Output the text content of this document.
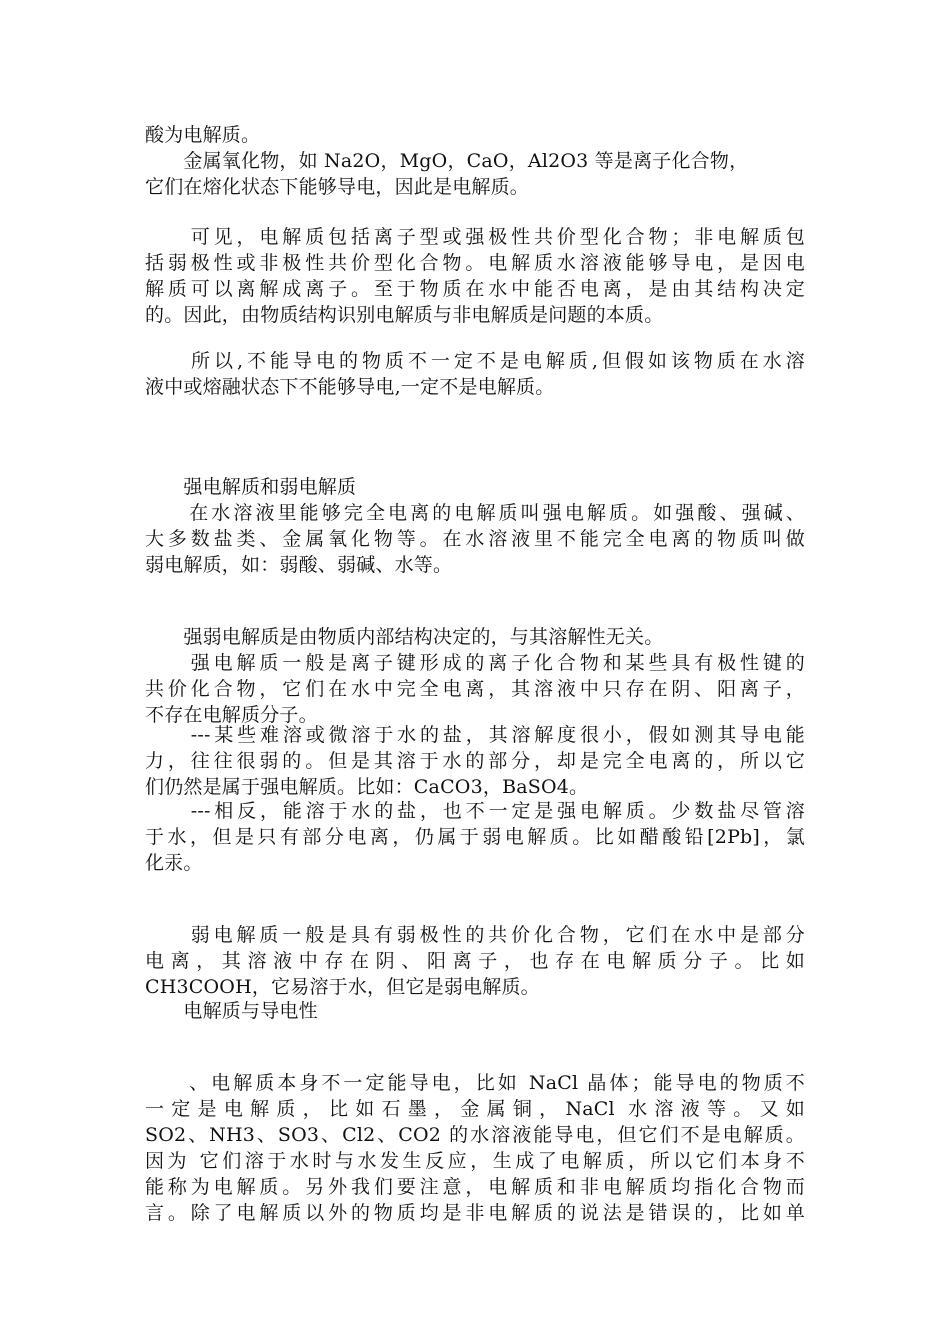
酸为电解质。
　　金属氧化物，如 Na2O，MgO，CaO，Al2O3 等是离子化合物，
它们在熔化状态下能够导电，因此是电解质。
　　可见，电解质包括离子型或强极性共价型化合物；非电解质包
括弱极性或非极性共价型化合物。电解质水溶液能够导电，是因电
解质可以离解成离子。至于物质在水中能否电离，是由其结构决定
的。因此，由物质结构识别电解质与非电解质是问题的本质。
　　所以,不能导电的物质不一定不是电解质,但假如该物质在水溶
液中或熔融状态下不能够导电,一定不是电解质。
　　强电解质和弱电解质
　　在水溶液里能够完全电离的电解质叫强电解质。如强酸、强碱、
大多数盐类、金属氧化物等。在水溶液里不能完全电离的物质叫做
弱电解质，如：弱酸、弱碱、水等。
　　强弱电解质是由物质内部结构决定的，与其溶解性无关。
　　强电解质一般是离子键形成的离子化合物和某些具有极性键的
共价化合物，它们在水中完全电离，其溶液中只存在阴、阳离子，
不存在电解质分子。
　　---某些难溶或微溶于水的盐，其溶解度很小，假如测其导电能
力，往往很弱的。但是其溶于水的部分，却是完全电离的，所以它
们仍然是属于强电解质。比如：CaCO3，BaSO4。
　　---相反，能溶于水的盐，也不一定是强电解质。少数盐尽管溶
于水，但是只有部分电离，仍属于弱电解质。比如醋酸铅[2Pb]，氯
化汞。
　　弱电解质一般是具有弱极性的共价化合物，它们在水中是部分
电离，其溶液中存在阴、阳离子，也存在电解质分子。比如
CH3COOH，它易溶于水，但它是弱电解质。
　　电解质与导电性
　　、电解质本身不一定能导电，比如 NaCl 晶体；能导电的物质不
一定是电解质，比如石墨，金属铜，NaCl 水溶液等。又如
SO2、NH3、SO3、Cl2、CO2 的水溶液能导电，但它们不是电解质。
因为 它们溶于水时与水发生反应，生成了电解质，所以它们本身不
能称为电解质。另外我们要注意，电解质和非电解质均指化合物而
言。除了电解质以外的物质均是非电解质的说法是错误的，比如单
